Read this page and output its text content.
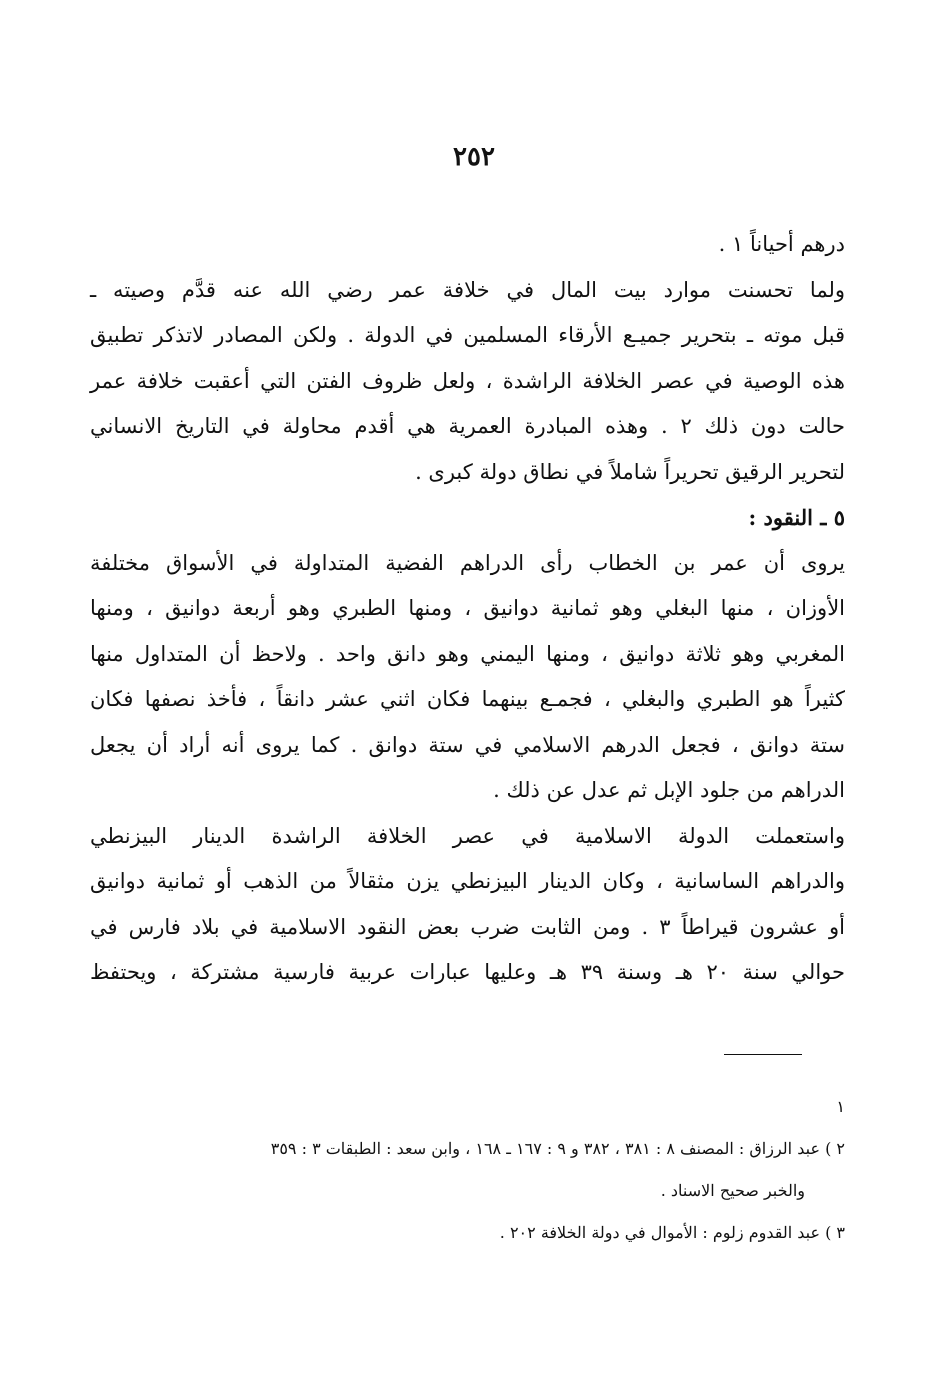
٢٥٢
درهم أحياناً ١ .
ولما تحسنت موارد بيت المال في خلافة عمر رضي الله عنه قدَّم وصيته ـ
قبل موته ـ بتحرير جميـع الأرقاء المسلمين في الدولة . ولكن المصادر لاتذكر تطبيق
هذه الوصية في عصر الخلافة الراشدة ، ولعل ظروف الفتن التي أعقبت خلافة عمر
حالت دون ذلك ٢ . وهذه المبادرة العمرية هي أقدم محاولة في التاريخ الانساني
لتحرير الرقيق تحريراً شاملاً في نطاق دولة كبرى .
٥ ـ النقود :
يروى أن عمر بن الخطاب رأى الدراهم الفضية المتداولة في الأسواق مختلفة
الأوزان ، منها البغلي وهو ثمانية دوانيق ، ومنها الطبري وهو أربعة دوانيق ، ومنها
المغربي وهو ثلاثة دوانيق ، ومنها اليمني وهو دانق واحد . ولاحظ أن المتداول منها
كثيراً هو الطبري والبغلي ، فجمـع بينهما فكان اثني عشر دانقاً ، فأخذ نصفها فكان
ستة دوانق ، فجعل الدرهم الاسلامي في ستة دوانق . كما يروى أنه أراد أن يجعل
الدراهم من جلود الإبل ثم عدل عن ذلك .
واستعملت الدولة الاسلامية في عصر الخلافة الراشدة الدينار البيزنطي
والدراهم الساسانية ، وكان الدينار البيزنطي يزن مثقالاً من الذهب أو ثمانية دوانيق
أو عشرون قيراطاً ٣ . ومن الثابت ضرب بعض النقود الاسلامية في بلاد فارس في
حوالي سنة ٢٠ هـ وسنة ٣٩ هـ وعليها عبارات عربية فارسية مشتركة ، ويحتفظ
١
٢ ) عبد الرزاق : المصنف ٨ : ٣٨١ ، ٣٨٢ و ٩ : ١٦٧ ـ ١٦٨ ، وابن سعد : الطبقات ٣ : ٣٥٩
والخبر صحيح الاسناد .
٣ ) عبد القدوم زلوم : الأموال في دولة الخلافة ٢٠٢ .
